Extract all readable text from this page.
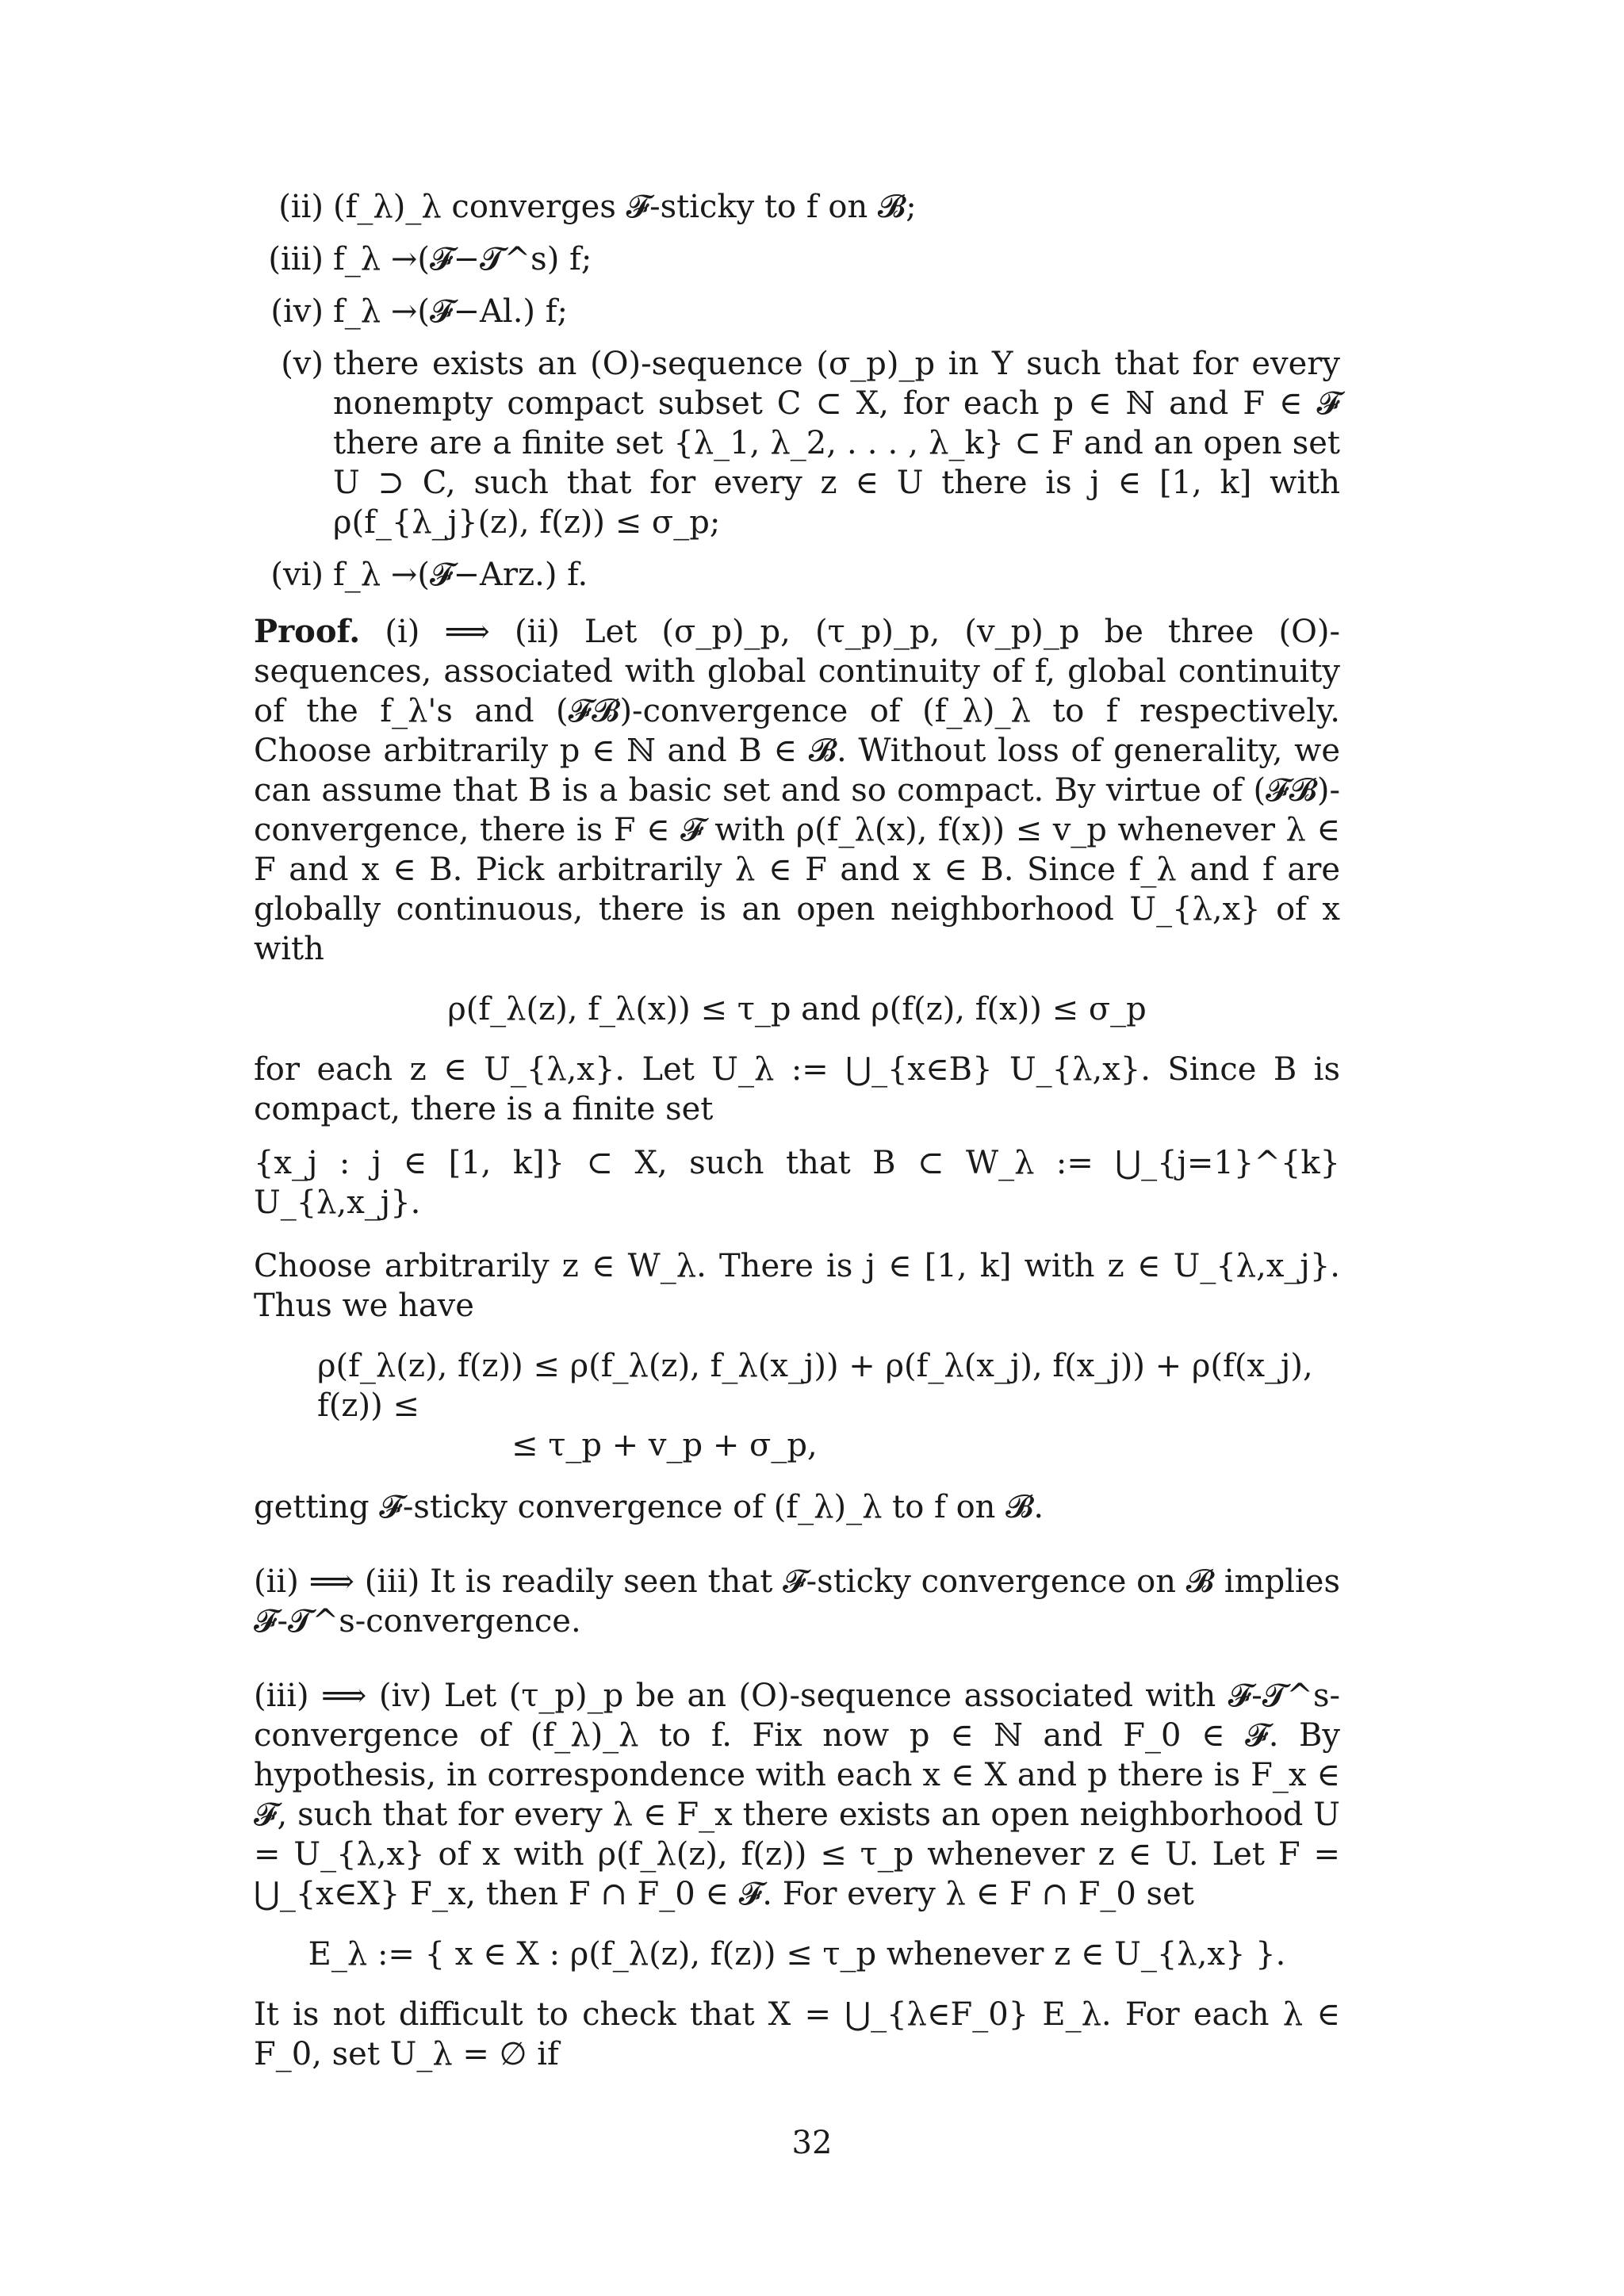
(ii) (f_λ)_λ converges 𝓕-sticky to f on 𝓑;
(iii) f_λ →(𝓕−𝓣^s) f;
(iv) f_λ →(𝓕−Al.) f;
(v) there exists an (O)-sequence (σ_p)_p in Y such that for every nonempty compact subset C ⊂ X, for each p ∈ ℕ and F ∈ 𝓕 there are a finite set {λ_1, λ_2, . . . , λ_k} ⊂ F and an open set U ⊃ C, such that for every z ∈ U there is j ∈ [1, k] with ρ(f_{λ_j}(z), f(z)) ≤ σ_p;
(vi) f_λ →(𝓕−Arz.) f.

Proof. (i) ⟹ (ii) Let (σ_p)_p, (τ_p)_p, (v_p)_p be three (O)-sequences, associated with global continuity of f, global continuity of the f_λ's and (𝓕𝓑)-convergence of (f_λ)_λ to f respectively. Choose arbitrarily p ∈ ℕ and B ∈ 𝓑. Without loss of generality, we can assume that B is a basic set and so compact. By virtue of (𝓕𝓑)-convergence, there is F ∈ 𝓕 with ρ(f_λ(x), f(x)) ≤ v_p whenever λ ∈ F and x ∈ B. Pick arbitrarily λ ∈ F and x ∈ B. Since f_λ and f are globally continuous, there is an open neighborhood U_{λ,x} of x with

ρ(f_λ(z), f_λ(x)) ≤ τ_p and ρ(f(z), f(x)) ≤ σ_p

for each z ∈ U_{λ,x}. Let U_λ := ⋃_{x∈B} U_{λ,x}. Since B is compact, there is a finite set

{x_j : j ∈ [1, k]} ⊂ X, such that B ⊂ W_λ := ⋃_{j=1}^{k} U_{λ,x_j}.

Choose arbitrarily z ∈ W_λ. There is j ∈ [1, k] with z ∈ U_{λ,x_j}. Thus we have

ρ(f_λ(z), f(z)) ≤ ρ(f_λ(z), f_λ(x_j)) + ρ(f_λ(x_j), f(x_j)) + ρ(f(x_j), f(z)) ≤
≤ τ_p + v_p + σ_p,

getting 𝓕-sticky convergence of (f_λ)_λ to f on 𝓑.

(ii) ⟹ (iii) It is readily seen that 𝓕-sticky convergence on 𝓑 implies 𝓕-𝓣^s-convergence.

(iii) ⟹ (iv) Let (τ_p)_p be an (O)-sequence associated with 𝓕-𝓣^s-convergence of (f_λ)_λ to f. Fix now p ∈ ℕ and F_0 ∈ 𝓕. By hypothesis, in correspondence with each x ∈ X and p there is F_x ∈ 𝓕, such that for every λ ∈ F_x there exists an open neighborhood U = U_{λ,x} of x with ρ(f_λ(z), f(z)) ≤ τ_p whenever z ∈ U. Let F = ⋃_{x∈X} F_x, then F ∩ F_0 ∈ 𝓕. For every λ ∈ F ∩ F_0 set

E_λ := { x ∈ X : ρ(f_λ(z), f(z)) ≤ τ_p whenever z ∈ U_{λ,x} }.

It is not difficult to check that X = ⋃_{λ∈F_0} E_λ. For each λ ∈ F_0, set U_λ = ∅ if

32
